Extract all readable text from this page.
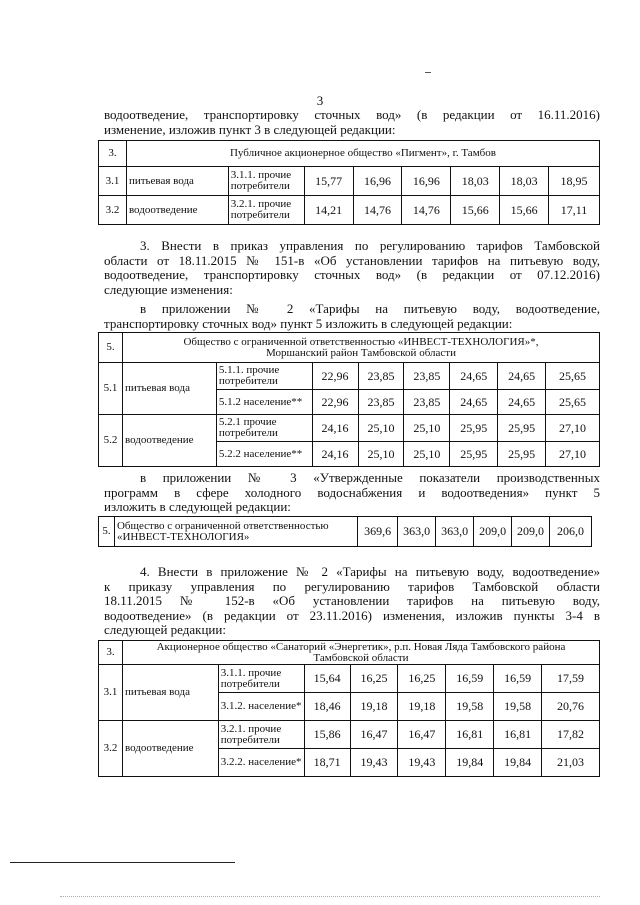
3
водоотведение, транспортировку сточных вод» (в редакции от 16.11.2016)
изменение, изложив пункт 3 в следующей редакции:
3.	Публичное акционерное общество «Пигмент», г. Тамбов							
3.1	питьевая вода	3.1.1. прочие потребители	15,77	16,96	16,96	18,03	18,03	18,95
3.2	водоотведение	3.2.1. прочие потребители	14,21	14,76	14,76	15,66	15,66	17,11
3. Внести в приказ управления по регулированию тарифов Тамбовской
области от 18.11.2015 № 151-в «Об установлении тарифов на питьевую воду,
водоотведение, транспортировку сточных вод» (в редакции от 07.12.2016)
следующие изменения:
в приложении № 2 «Тарифы на питьевую воду, водоотведение,
транспортировку сточных вод» пункт 5 изложить в следующей редакции:
5.	Общество с ограниченной ответственностью «ИНВЕСТ-ТЕХНОЛОГИЯ»*,
Моршанский район Тамбовской области							

5.1	питьевая вода	5.1.1. прочие потребители	22,96	23,85	23,85	24,65	24,65	25,65
		5.1.2 население**	22,96	23,85	23,85	24,65	24,65	25,65
5.2	водоотведение	5.2.1 прочие потребители	24,16	25,10	25,10	25,95	25,95	27,10
		5.2.2 население**	24,16	25,10	25,10	25,95	25,95	27,10
в приложении № 3 «Утвержденные показатели производственных
программ в сфере холодного водоснабжения и водоотведения» пункт 5
изложить в следующей редакции:
5.	Общество с ограниченной ответственностью «ИНВЕСТ-ТЕХНОЛОГИЯ»	369,6	363,0	363,0	209,0	209,0	206,0
4. Внести в приложение № 2 «Тарифы на питьевую воду, водоотведение»
к приказу управления по регулированию тарифов Тамбовской области
18.11.2015 № 152-в «Об установлении тарифов на питьевую воду,
водоотведение» (в редакции от 23.11.2016) изменения, изложив пункты 3-4 в
следующей редакции:
3.	Акционерное общество «Санаторий «Энергетик», р.п. Новая Ляда Тамбовского района
Тамбовской области							

3.1	питьевая вода	3.1.1. прочие потребители	15,64	16,25	16,25	16,59	16,59	17,59
		3.1.2. население*	18,46	19,18	19,18	19,58	19,58	20,76
3.2	водоотведение	3.2.1. прочие потребители	15,86	16,47	16,47	16,81	16,81	17,82
		3.2.2. население*	18,71	19,43	19,43	19,84	19,84	21,03
